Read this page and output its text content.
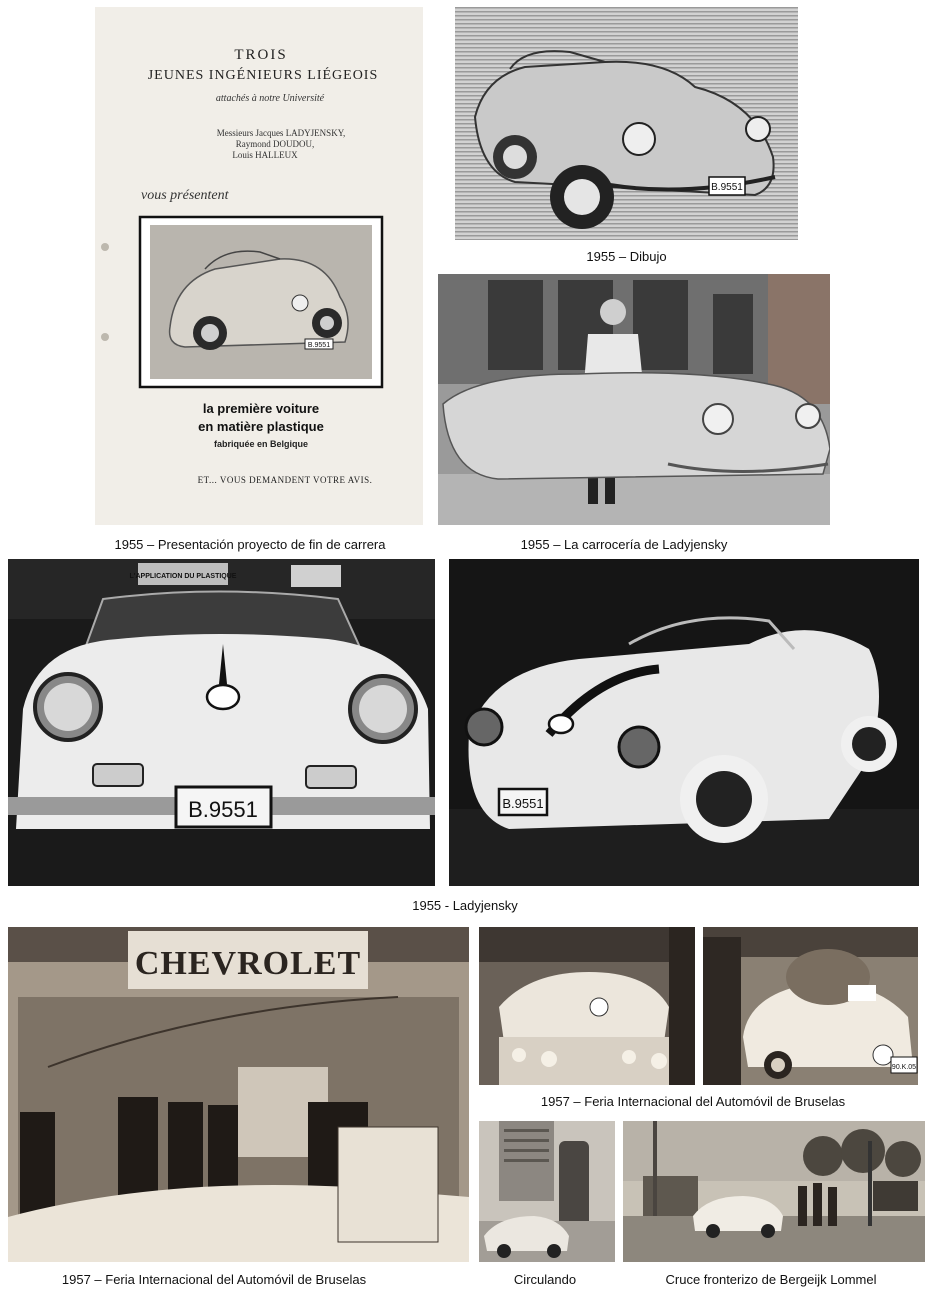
TROIS
JEUNES INGÉNIEURS LIÉGEOIS
attachés à notre Université
Messieurs Jacques LADYJENSKY,
Raymond DOUDOU,
Louis HALLEUX
vous présentent
B.9551
la première voiture
en matière plastique
fabriquée en Belgique
ET... VOUS DEMANDENT VOTRE AVIS.
B.9551
1955 – Dibujo
1955 – Presentación proyecto de fin de carrera	1955 – La carrocería de Ladyjensky
L'APPLICATION DU PLASTIQUE
B.9551	B.9551
1955 - Ladyjensky
CHEVROLET
90.K.05
1957 – Feria Internacional del Automóvil de Bruselas
Circulando	Cruce fronterizo de Bergeijk Lommel
1957 – Feria Internacional del Automóvil de Bruselas
